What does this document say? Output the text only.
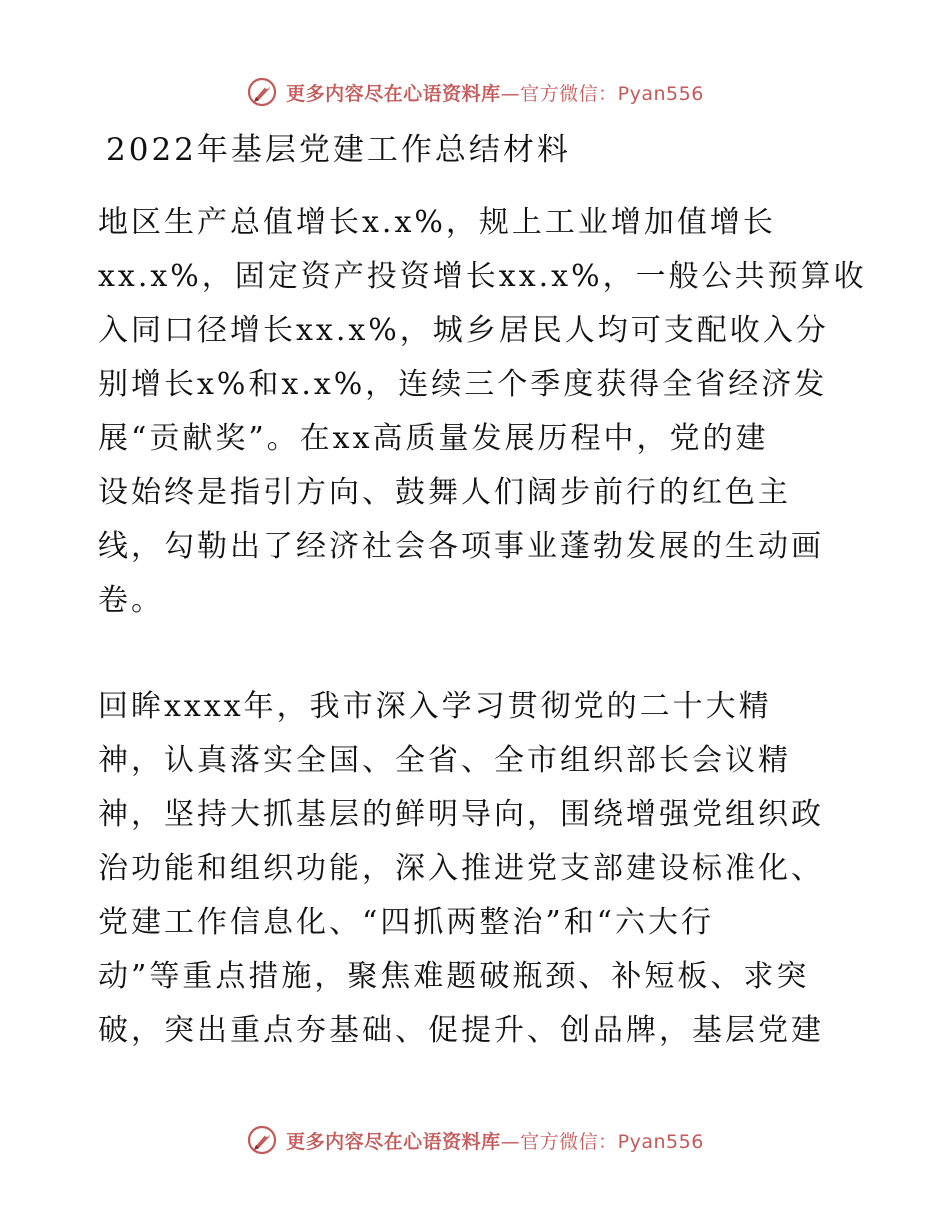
更多内容尽在心语资料库—官方微信：Pyan556
2022年基层党建工作总结材料
地区生产总值增长x.x%，规上工业增加值增长
xx.x%，固定资产投资增长xx.x%，一般公共预算收
入同口径增长xx.x%，城乡居民人均可支配收入分
别增长x%和x.x%，连续三个季度获得全省经济发
展“贡献奖”。在xx高质量发展历程中，党的建
设始终是指引方向、鼓舞人们阔步前行的红色主
线，勾勒出了经济社会各项事业蓬勃发展的生动画
卷。
回眸xxxx年，我市深入学习贯彻党的二十大精
神，认真落实全国、全省、全市组织部长会议精
神，坚持大抓基层的鲜明导向，围绕增强党组织政
治功能和组织功能，深入推进党支部建设标准化、
党建工作信息化、“四抓两整治”和“六大行
动”等重点措施，聚焦难题破瓶颈、补短板、求突
破，突出重点夯基础、促提升、创品牌，基层党建
更多内容尽在心语资料库—官方微信：Pyan556
